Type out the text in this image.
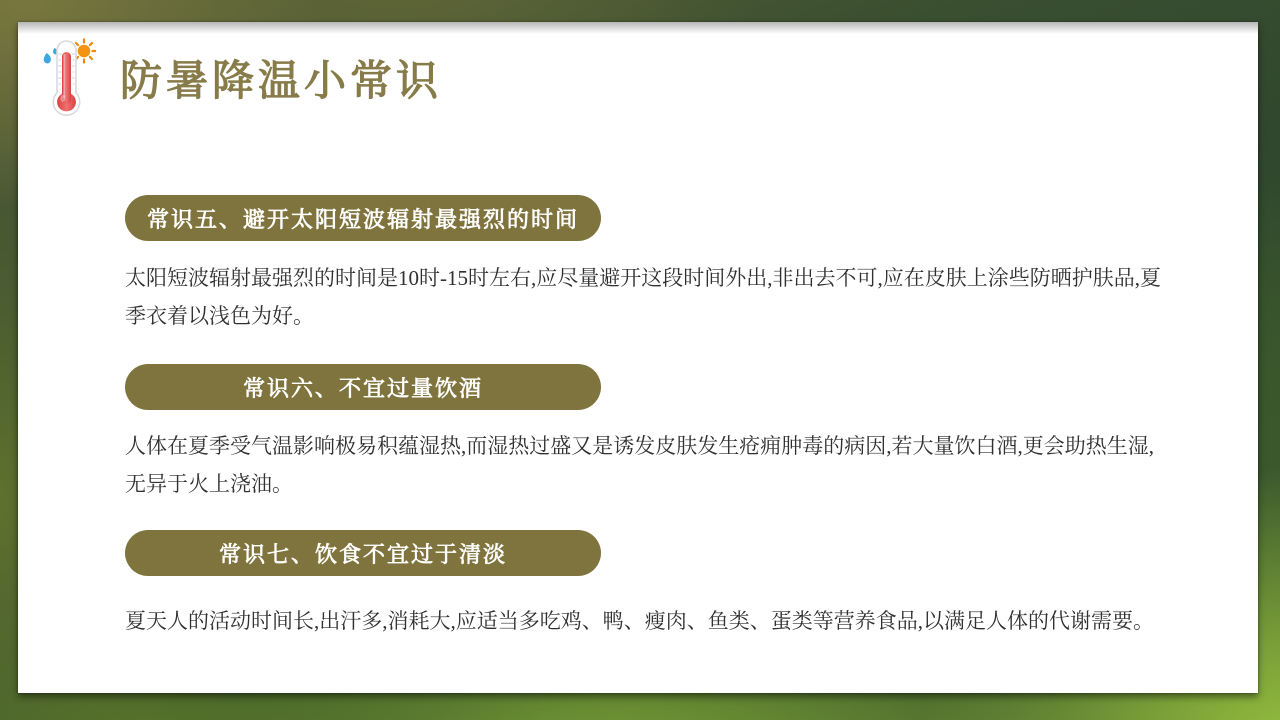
防暑降温小常识
常识五、避开太阳短波辐射最强烈的时间
太阳短波辐射最强烈的时间是10时-15时左右,应尽量避开这段时间外出,非出去不可,应在皮肤上涂些防晒护肤品,夏季衣着以浅色为好。
常识六、不宜过量饮酒
人体在夏季受气温影响极易积蕴湿热,而湿热过盛又是诱发皮肤发生疮痈肿毒的病因,若大量饮白酒,更会助热生湿,无异于火上浇油。
常识七、饮食不宜过于清淡
夏天人的活动时间长,出汗多,消耗大,应适当多吃鸡、鸭、瘦肉、鱼类、蛋类等营养食品,以满足人体的代谢需要。
